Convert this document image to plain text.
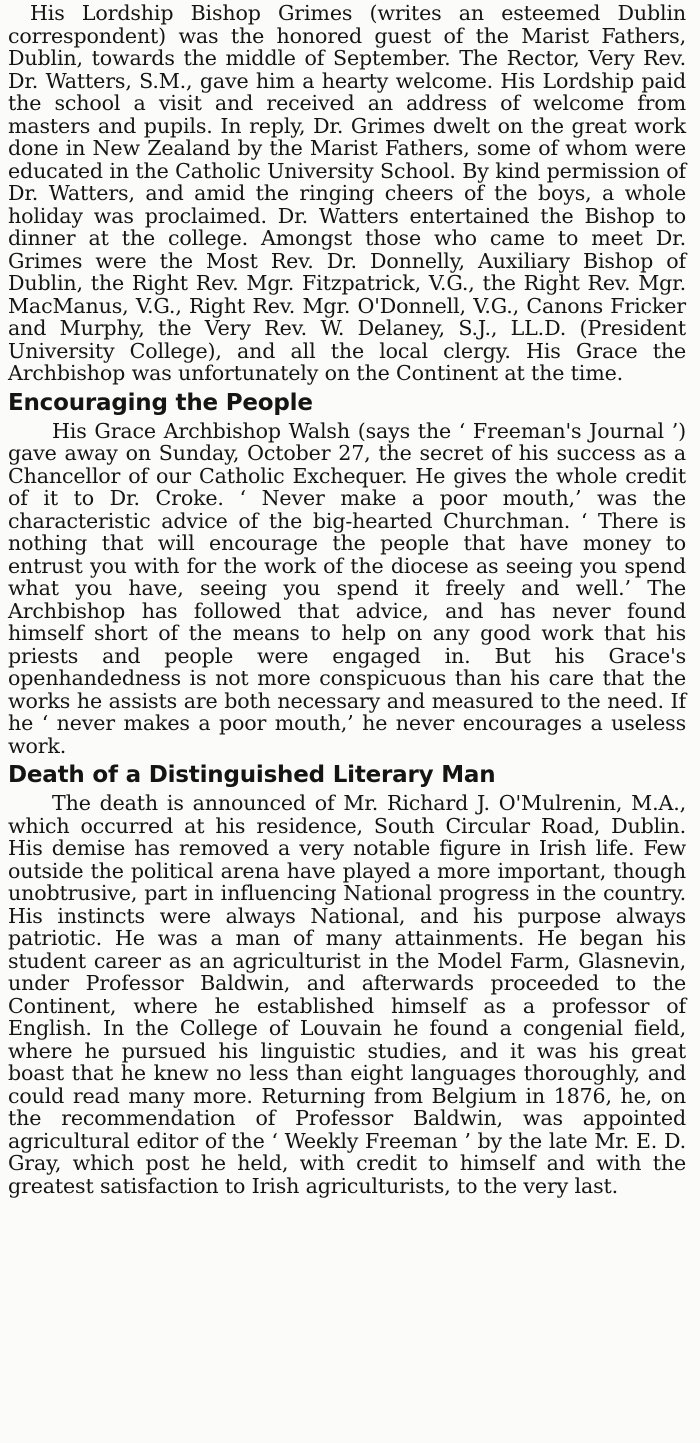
His Lordship Bishop Grimes (writes an esteemed Dublin correspondent) was the honored guest of the Marist Fathers, Dublin, towards the middle of September. The Rector, Very Rev. Dr. Watters, S.M., gave him a hearty welcome. His Lordship paid the school a visit and received an address of welcome from masters and pupils. In reply, Dr. Grimes dwelt on the great work done in New Zealand by the Marist Fathers, some of whom were educated in the Catholic University School. By kind permission of Dr. Watters, and amid the ringing cheers of the boys, a whole holiday was proclaimed. Dr. Watters entertained the Bishop to dinner at the college. Amongst those who came to meet Dr. Grimes were the Most Rev. Dr. Donnelly, Auxiliary Bishop of Dublin, the Right Rev. Mgr. Fitzpatrick, V.G., the Right Rev. Mgr. MacManus, V.G., Right Rev. Mgr. O'Donnell, V.G., Canons Fricker and Murphy, the Very Rev. W. Delaney, S.J., LL.D. (President University College), and all the local clergy. His Grace the Archbishop was unfortunately on the Continent at the time.

Encouraging the People

His Grace Archbishop Walsh (says the ‘ Freeman's Journal ’) gave away on Sunday, October 27, the secret of his success as a Chancellor of our Catholic Exchequer. He gives the whole credit of it to Dr. Croke. ‘ Never make a poor mouth,’ was the characteristic advice of the big-hearted Churchman. ‘ There is nothing that will encourage the people that have money to entrust you with for the work of the diocese as seeing you spend what you have, seeing you spend it freely and well.’ The Archbishop has followed that advice, and has never found himself short of the means to help on any good work that his priests and people were engaged in. But his Grace's openhandedness is not more conspicuous than his care that the works he assists are both necessary and measured to the need. If he ‘ never makes a poor mouth,’ he never encourages a useless work.

Death of a Distinguished Literary Man

The death is announced of Mr. Richard J. O'Mulrenin, M.A., which occurred at his residence, South Circular Road, Dublin. His demise has removed a very notable figure in Irish life. Few outside the political arena have played a more important, though unobtrusive, part in influencing National progress in the country. His instincts were always National, and his purpose always patriotic. He was a man of many attainments. He began his student career as an agriculturist in the Model Farm, Glasnevin, under Professor Baldwin, and afterwards proceeded to the Continent, where he established himself as a professor of English. In the College of Louvain he found a congenial field, where he pursued his linguistic studies, and it was his great boast that he knew no less than eight languages thoroughly, and could read many more. Returning from Belgium in 1876, he, on the recommendation of Professor Baldwin, was appointed agricultural editor of the ‘ Weekly Freeman ’ by the late Mr. E. D. Gray, which post he held, with credit to himself and with the greatest satisfaction to Irish agriculturists, to the very last.
